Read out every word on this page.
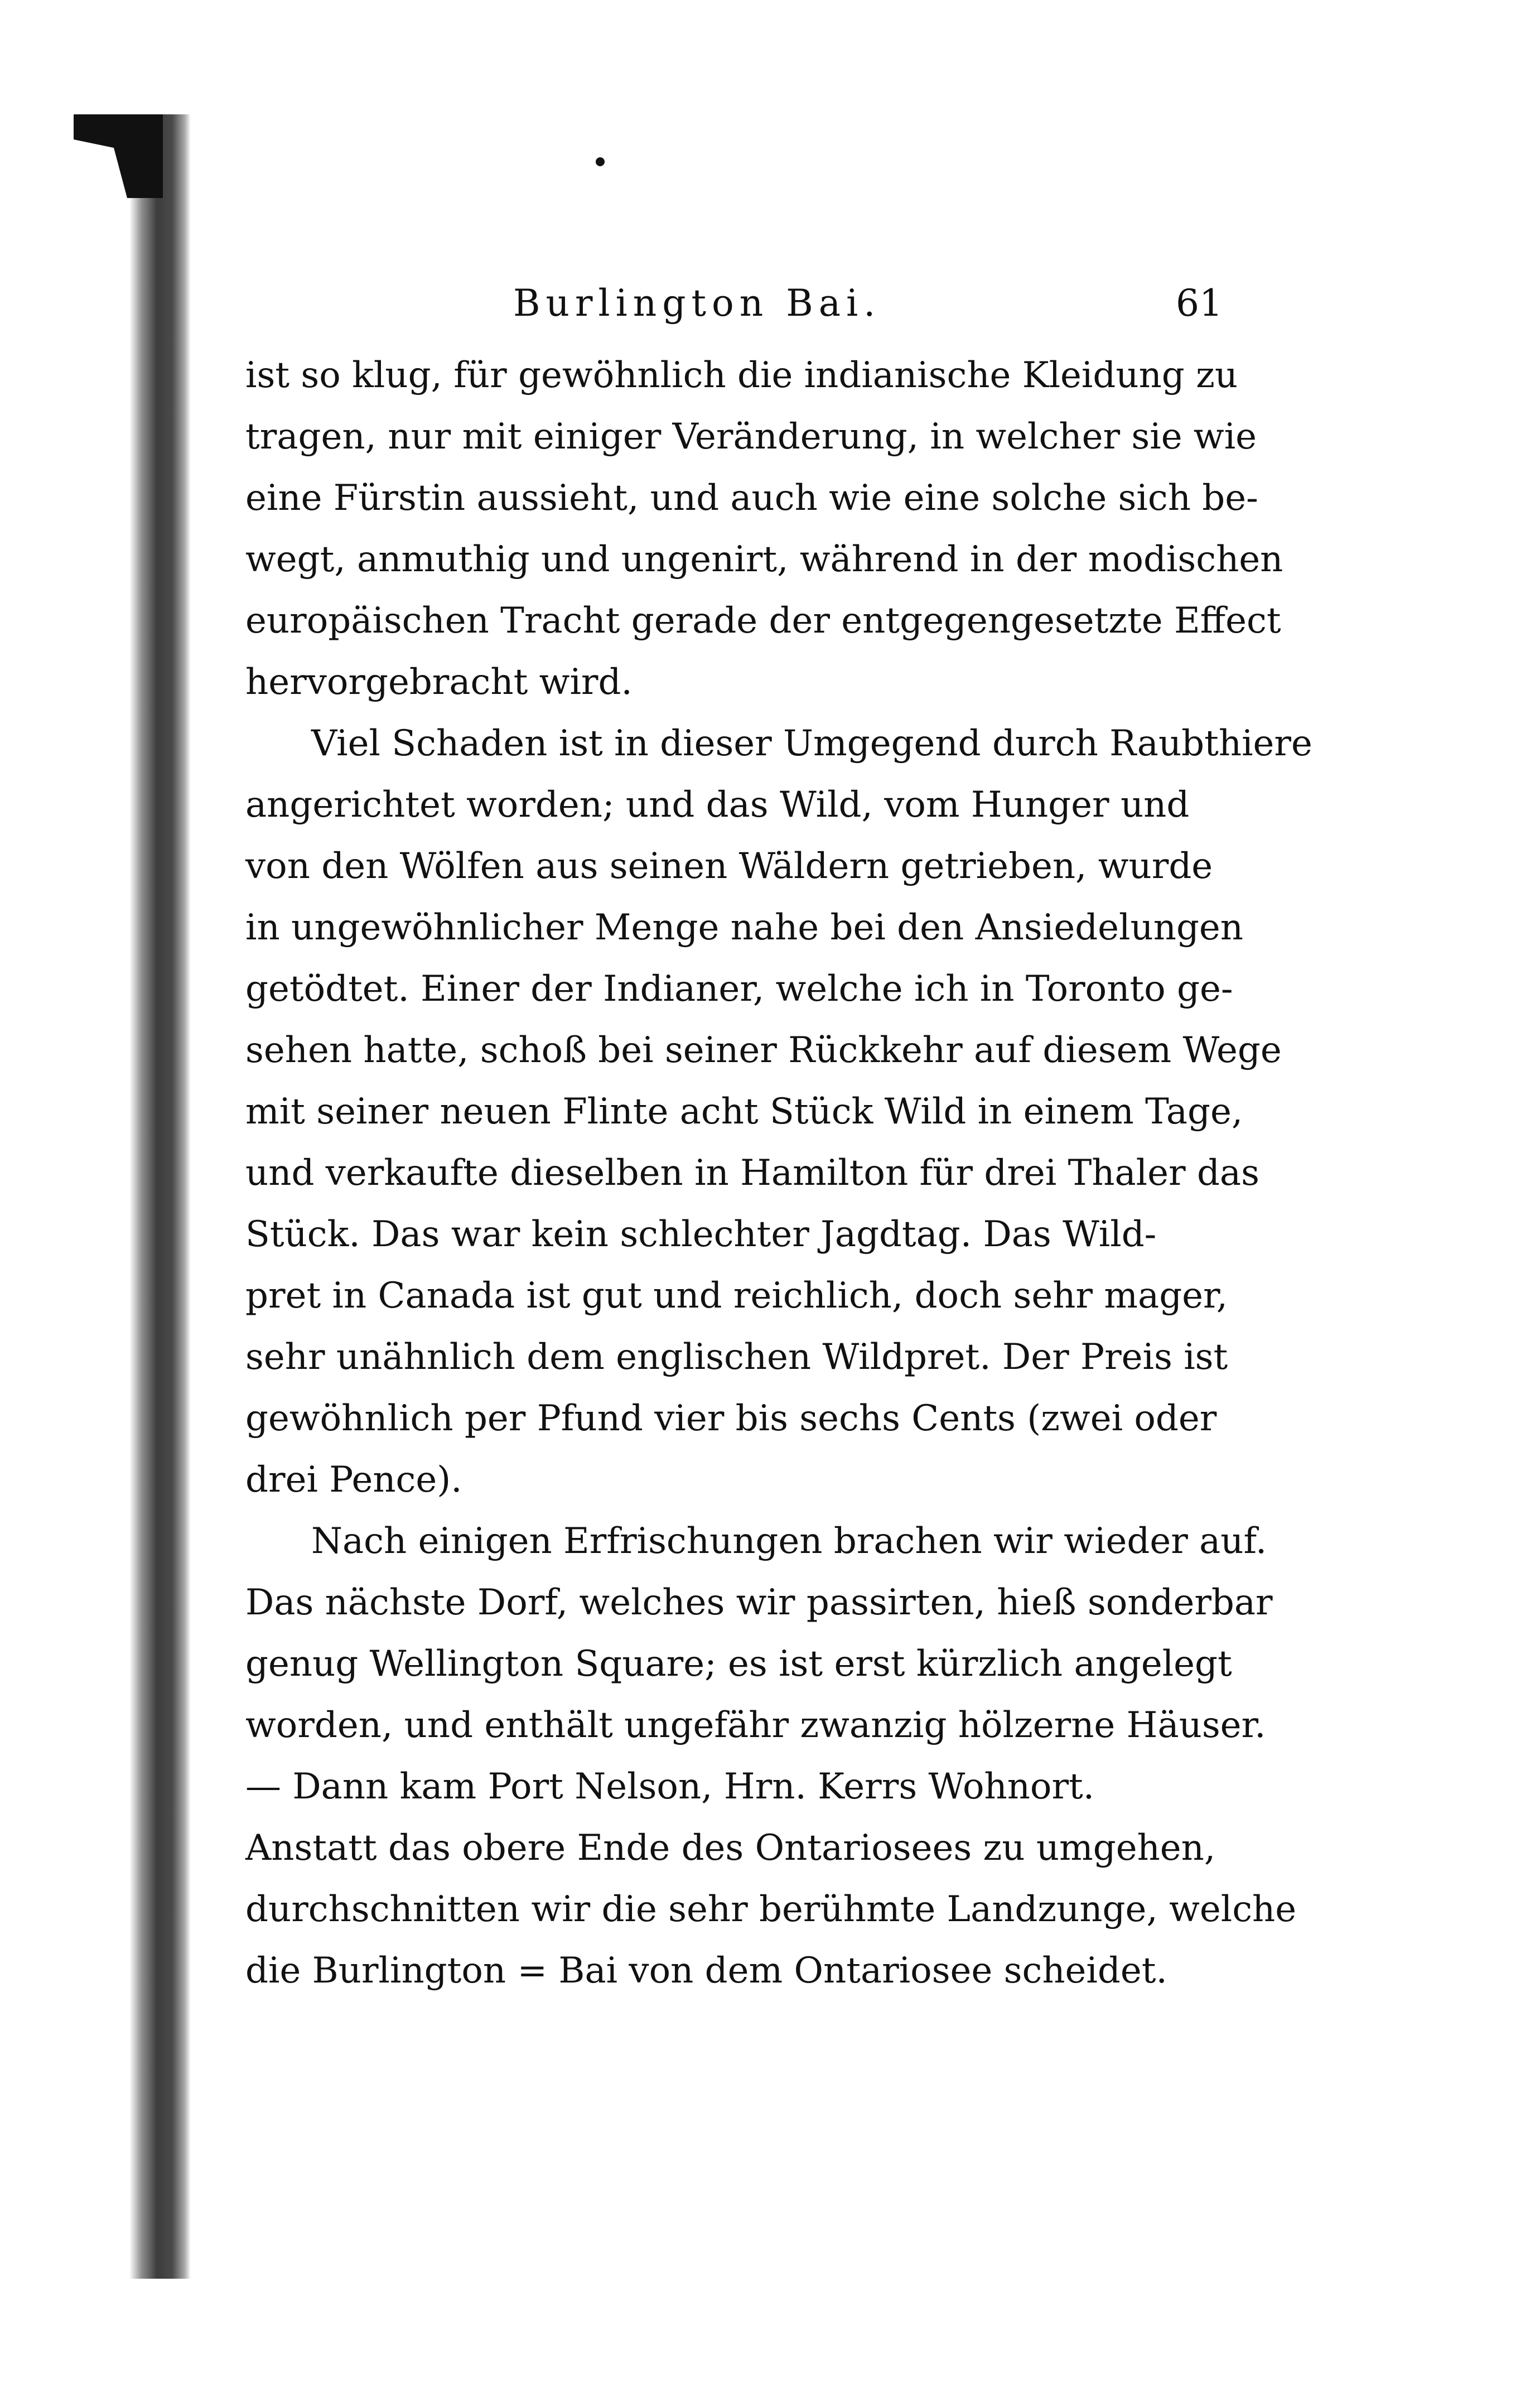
Burlington Bai.	61

ist so klug, für gewöhnlich die indianische Kleidung zu
tragen, nur mit einiger Veränderung, in welcher sie wie
eine Fürstin aussieht, und auch wie eine solche sich be-
wegt, anmuthig und ungenirt, während in der modischen
europäischen Tracht gerade der entgegengesetzte Effect
hervorgebracht wird.

Viel Schaden ist in dieser Umgegend durch Raubthiere
angerichtet worden; und das Wild, vom Hunger und
von den Wölfen aus seinen Wäldern getrieben, wurde
in ungewöhnlicher Menge nahe bei den Ansiedelungen
getödtet. Einer der Indianer, welche ich in Toronto ge-
sehen hatte, schoß bei seiner Rückkehr auf diesem Wege
mit seiner neuen Flinte acht Stück Wild in einem Tage,
und verkaufte dieselben in Hamilton für drei Thaler das
Stück. Das war kein schlechter Jagdtag. Das Wild-
pret in Canada ist gut und reichlich, doch sehr mager,
sehr unähnlich dem englischen Wildpret. Der Preis ist
gewöhnlich per Pfund vier bis sechs Cents (zwei oder
drei Pence).

Nach einigen Erfrischungen brachen wir wieder auf.
Das nächste Dorf, welches wir passirten, hieß sonderbar
genug Wellington Square; es ist erst kürzlich angelegt
worden, und enthält ungefähr zwanzig hölzerne Häuser.
— Dann kam Port Nelson, Hrn. Kerrs Wohnort.
Anstatt das obere Ende des Ontariosees zu umgehen,
durchschnitten wir die sehr berühmte Landzunge, welche
die Burlington = Bai von dem Ontariosee scheidet.
